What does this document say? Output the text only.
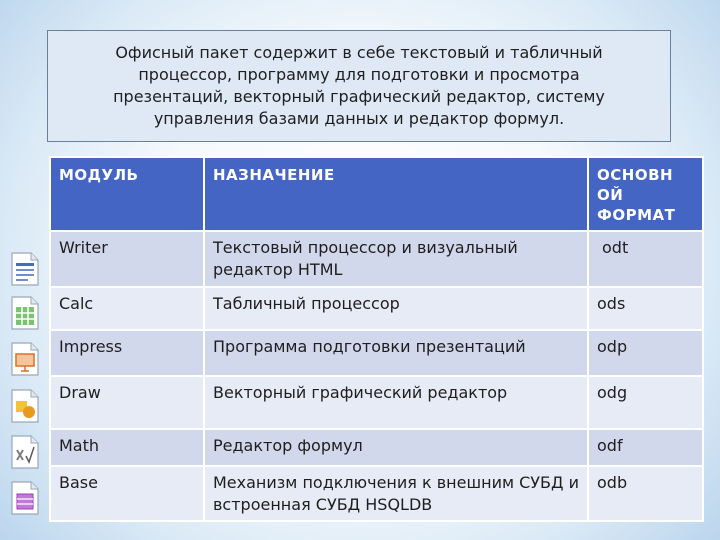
Офисный пакет содержит в себе текстовый и табличный процессор, программу для подготовки и просмотра презентаций, векторный графический редактор, систему управления базами данных и редактор формул.
МОДУЛЬ	НАЗНАЧЕНИЕ	ОСНОВН ОЙ ФОРМАТ
Writer	Текстовый процессор и визуальный редактор HTML	odt
Calc	Табличный процессор	ods
Impress	Программа подготовки презентаций	odp
Draw	Векторный графический редактор	odg
Math	Редактор формул	odf
Base	Механизм подключения к внешним СУБД и встроенная СУБД HSQLDB	odb
